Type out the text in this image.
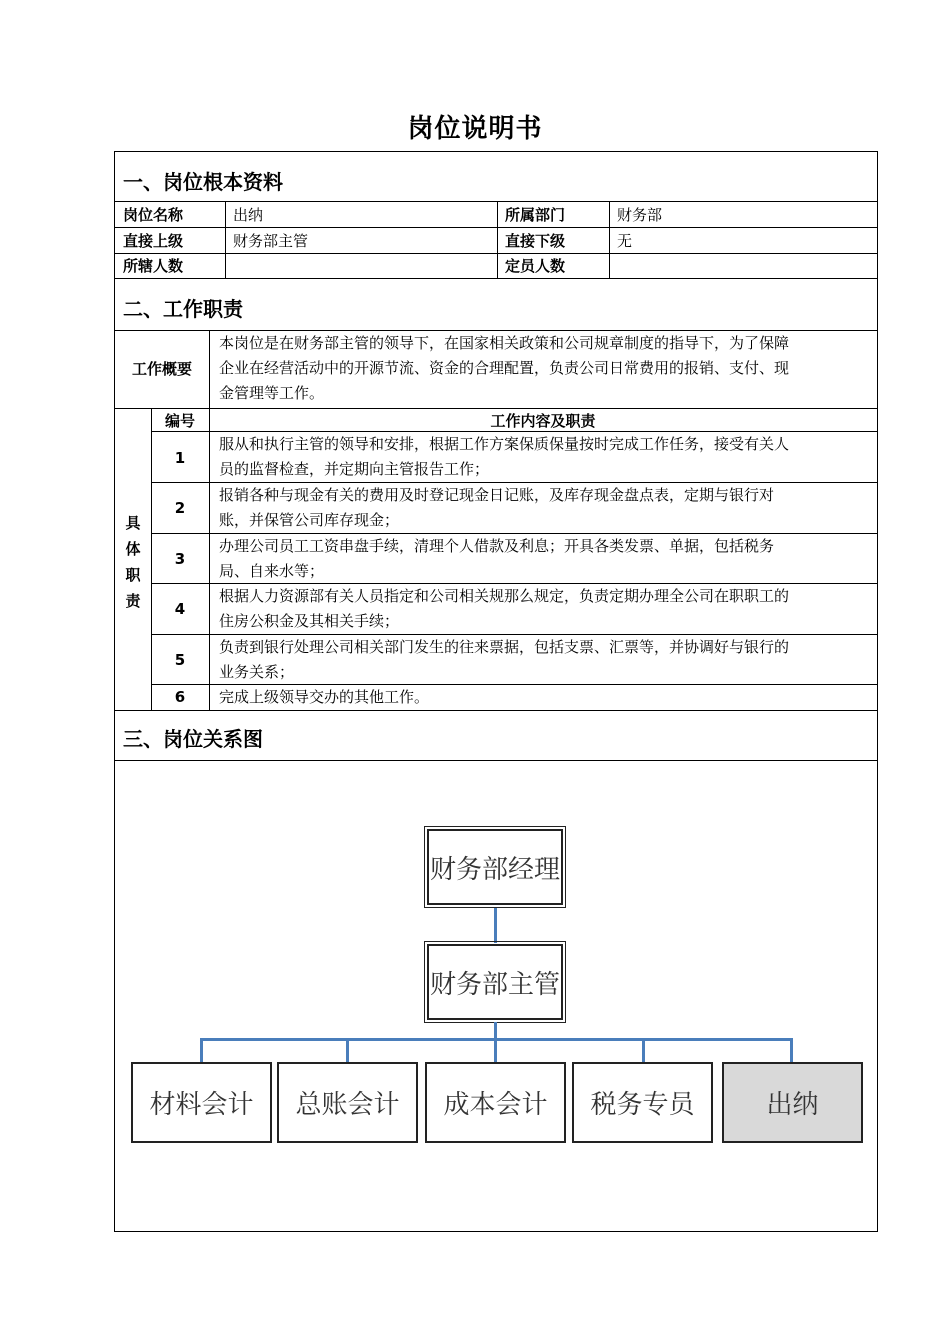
岗位说明书
一、岗位根本资料
岗位名称	出纳	所属部门	财务部
直接上级	财务部主管	直接下级	无
所辖人数	定员人数
二、工作职责
工作概要
本岗位是在财务部主管的领导下，在国家相关政策和公司规章制度的指导下，为了保障
企业在经营活动中的开源节流、资金的合理配置，负责公司日常费用的报销、支付、现
金管理等工作。
具
体
职
责
编号	工作内容及职责
1
服从和执行主管的领导和安排，根据工作方案保质保量按时完成工作任务，接受有关人
员的监督检查，并定期向主管报告工作；
2
报销各种与现金有关的费用及时登记现金日记账，及库存现金盘点表，定期与银行对
账，并保管公司库存现金；
3
办理公司员工工资串盘手续，清理个人借款及利息；开具各类发票、单据，包括税务
局、自来水等；
4
根据人力资源部有关人员指定和公司相关规那么规定，负责定期办理全公司在职职工的
住房公积金及其相关手续；
5
负责到银行处理公司相关部门发生的往来票据，包括支票、汇票等，并协调好与银行的
业务关系；
6	完成上级领导交办的其他工作。
三、岗位关系图
财务部经理
财务部主管
材料会计	总账会计	成本会计	税务专员	出纳
